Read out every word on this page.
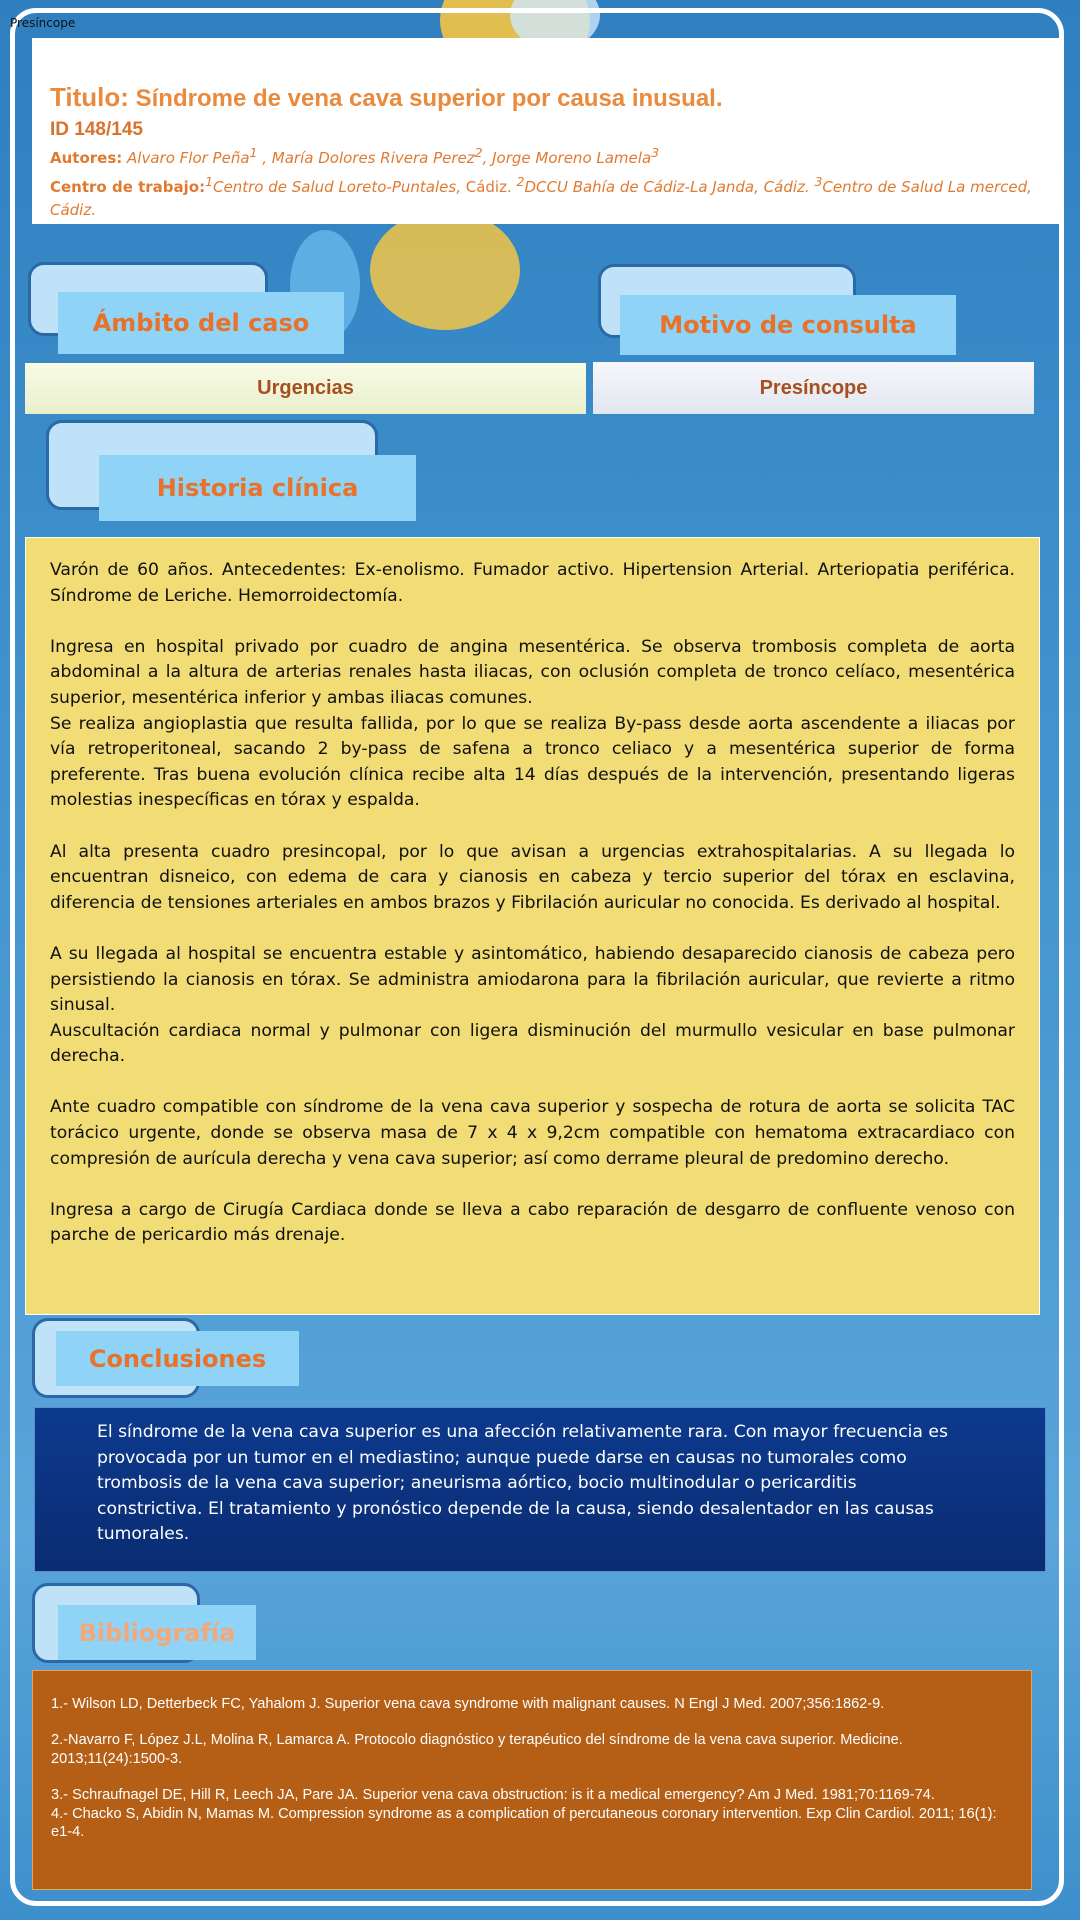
Presíncope
Titulo: Síndrome de vena cava superior por causa inusual.
ID 148/145
Autores: Alvaro Flor Peña$^1$ , María Dolores Rivera Perez$^2$, Jorge Moreno Lamela$^3$
Centro de trabajo:$^1$Centro de Salud Loreto-Puntales, Cádiz. $^2$DCCU Bahía de Cádiz-La Janda, Cádiz. $^3$Centro de Salud La merced, Cádiz.
Ámbito del caso
Urgencias
Motivo de consulta
Presíncope
Historia clínica

Varón de 60 años. Antecedentes: Ex-enolismo. Fumador activo. Hipertension Arterial. Arteriopatia periférica. Síndrome de Leriche. Hemorroidectomía.

Ingresa en hospital privado por cuadro de angina mesentérica. Se observa trombosis completa de aorta abdominal a la altura de arterias renales hasta iliacas, con oclusión completa de tronco celíaco, mesentérica superior, mesentérica inferior y ambas iliacas comunes.

Se realiza angioplastia que resulta fallida, por lo que se realiza By-pass desde aorta ascendente a iliacas por vía retroperitoneal, sacando 2 by-pass de safena a tronco celiaco y a mesentérica superior de forma preferente. Tras buena evolución clínica recibe alta 14 días después de la intervención, presentando ligeras molestias inespecíficas en tórax y espalda.

Al alta presenta cuadro presincopal, por lo que avisan a urgencias extrahospitalarias. A su llegada lo encuentran disneico, con edema de cara y cianosis en cabeza y tercio superior del tórax en esclavina, diferencia de tensiones arteriales en ambos brazos y Fibrilación auricular no conocida. Es derivado al hospital.

A su llegada al hospital se encuentra estable y asintomático, habiendo desaparecido cianosis de cabeza pero persistiendo la cianosis en tórax. Se administra amiodarona para la fibrilación auricular, que revierte a ritmo sinusal.

Auscultación cardiaca normal y pulmonar con ligera disminución del murmullo vesicular en base pulmonar derecha.

Ante cuadro compatible con síndrome de la vena cava superior y sospecha de rotura de aorta se solicita TAC torácico urgente, donde se observa masa de 7 x 4 x 9,2cm compatible con hematoma extracardiaco con compresión de aurícula derecha y vena cava superior; así como derrame pleural de predomino derecho.

Ingresa a cargo de Cirugía Cardiaca donde se lleva a cabo reparación de desgarro de confluente venoso con parche de pericardio más drenaje.

Conclusiones
El síndrome de la vena cava superior es una afección relativamente rara. Con mayor frecuencia es provocada por un tumor en el mediastino; aunque puede darse en causas no tumorales como trombosis de la vena cava superior; aneurisma aórtico, bocio multinodular o pericarditis constrictiva. El tratamiento y pronóstico depende de la causa, siendo desalentador en las causas tumorales.
Bibliografía

1.- Wilson LD, Detterbeck FC, Yahalom J. Superior vena cava syndrome with malignant causes. N Engl J Med. 2007;356:1862-9.

2.-Navarro F, López J.L, Molina R, Lamarca A. Protocolo diagnóstico y terapéutico del síndrome de la vena cava superior. Medicine. 2013;11(24):1500-3.

3.- Schraufnagel DE, Hill R, Leech JA, Pare JA. Superior vena cava obstruction: is it a medical emergency? Am J Med. 1981;70:1169-74.

4.- Chacko S, Abidin N, Mamas M. Compression syndrome as a complication of percutaneous coronary intervention. Exp Clin Cardiol. 2011; 16(1): e1-4.
